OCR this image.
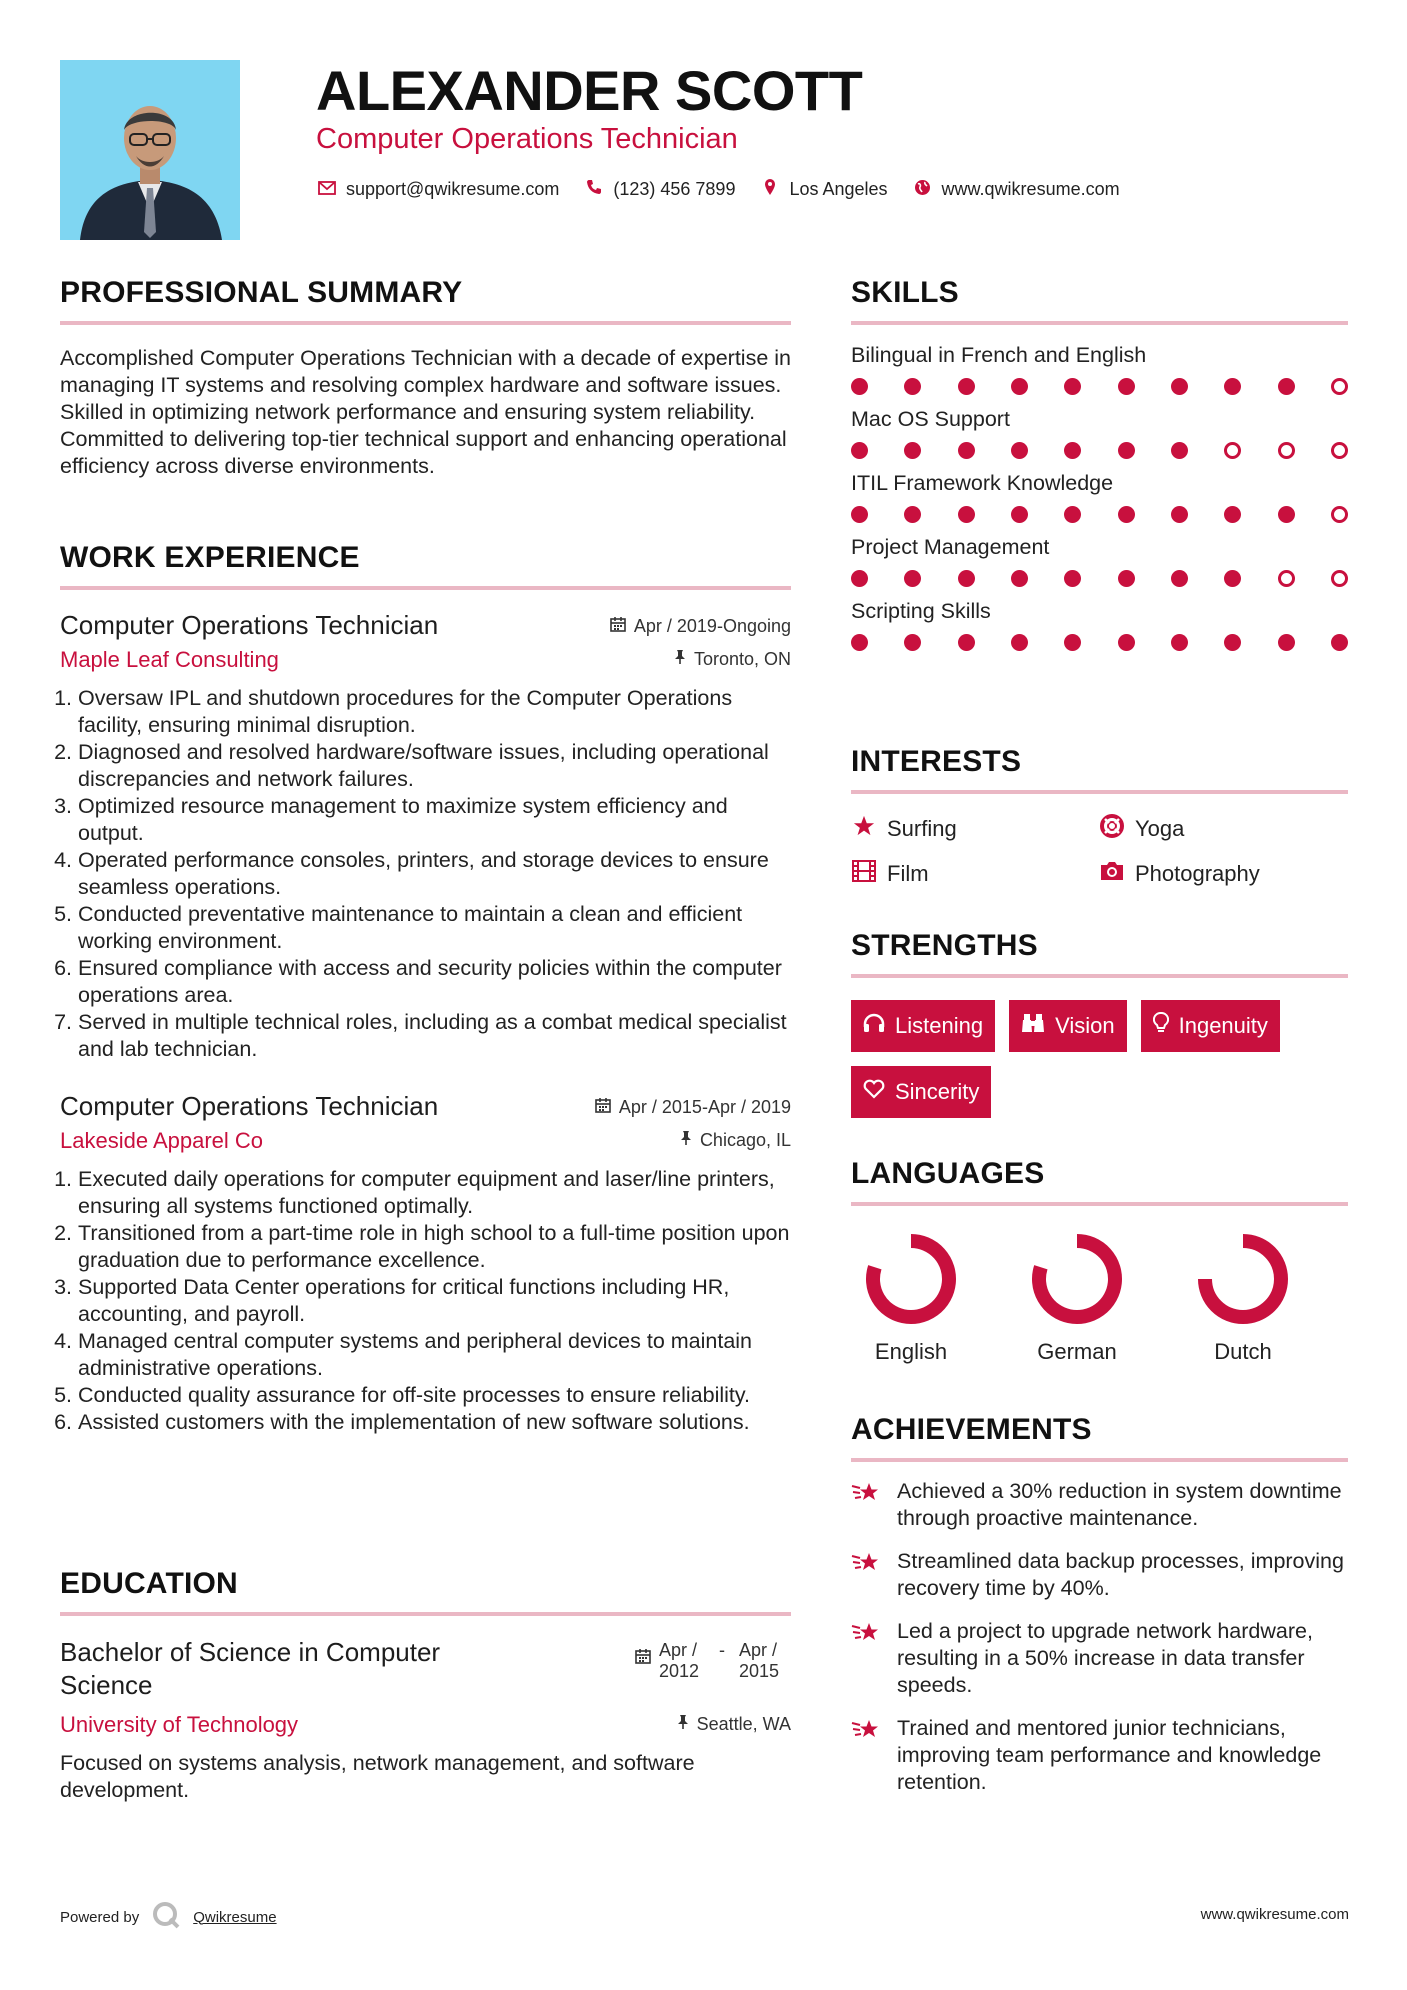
ALEXANDER SCOTT
Computer Operations Technician
support@qwikresume.com	(123) 456 7899	Los Angeles	www.qwikresume.com
PROFESSIONAL SUMMARY

Accomplished Computer Operations Technician with a decade of expertise in managing IT systems and resolving complex hardware and software issues. Skilled in optimizing network performance and ensuring system reliability. Committed to delivering top-tier technical support and enhancing operational efficiency across diverse environments.

WORK EXPERIENCE
Computer Operations Technician	Apr / 2019-Ongoing
Maple Leaf Consulting	Toronto, ON
1. Oversaw IPL and shutdown procedures for the Computer Operations facility, ensuring minimal disruption.
2. Diagnosed and resolved hardware/software issues, including operational discrepancies and network failures.
3. Optimized resource management to maximize system efficiency and output.
4. Operated performance consoles, printers, and storage devices to ensure seamless operations.
5. Conducted preventative maintenance to maintain a clean and efficient working environment.
6. Ensured compliance with access and security policies within the computer operations area.
7. Served in multiple technical roles, including as a combat medical specialist and lab technician.
Computer Operations Technician	Apr / 2015-Apr / 2019
Lakeside Apparel Co	Chicago, IL
1. Executed daily operations for computer equipment and laser/line printers, ensuring all systems functioned optimally.
2. Transitioned from a part-time role in high school to a full-time position upon graduation due to performance excellence.
3. Supported Data Center operations for critical functions including HR, accounting, and payroll.
4. Managed central computer systems and peripheral devices to maintain administrative operations.
5. Conducted quality assurance for off-site processes to ensure reliability.
6. Assisted customers with the implementation of new software solutions.
EDUCATION
Bachelor of Science in Computer Science
Apr / 2012
- Apr / 2015
University of Technology	Seattle, WA

Focused on systems analysis, network management, and software development.

SKILLS
Bilingual in French and English
Mac OS Support
ITIL Framework Knowledge
Project Management
Scripting Skills
INTERESTS
Surfing	Yoga
Film	Photography
STRENGTHS
Listening	Vision	Ingenuity
Sincerity
LANGUAGES
English	German	Dutch
ACHIEVEMENTS
Achieved a 30% reduction in system downtime through proactive maintenance.
Streamlined data backup processes, improving recovery time by 40%.
Led a project to upgrade network hardware, resulting in a 50% increase in data transfer speeds.
Trained and mentored junior technicians, improving team performance and knowledge retention.
Powered by	Qwikresume	www.qwikresume.com
